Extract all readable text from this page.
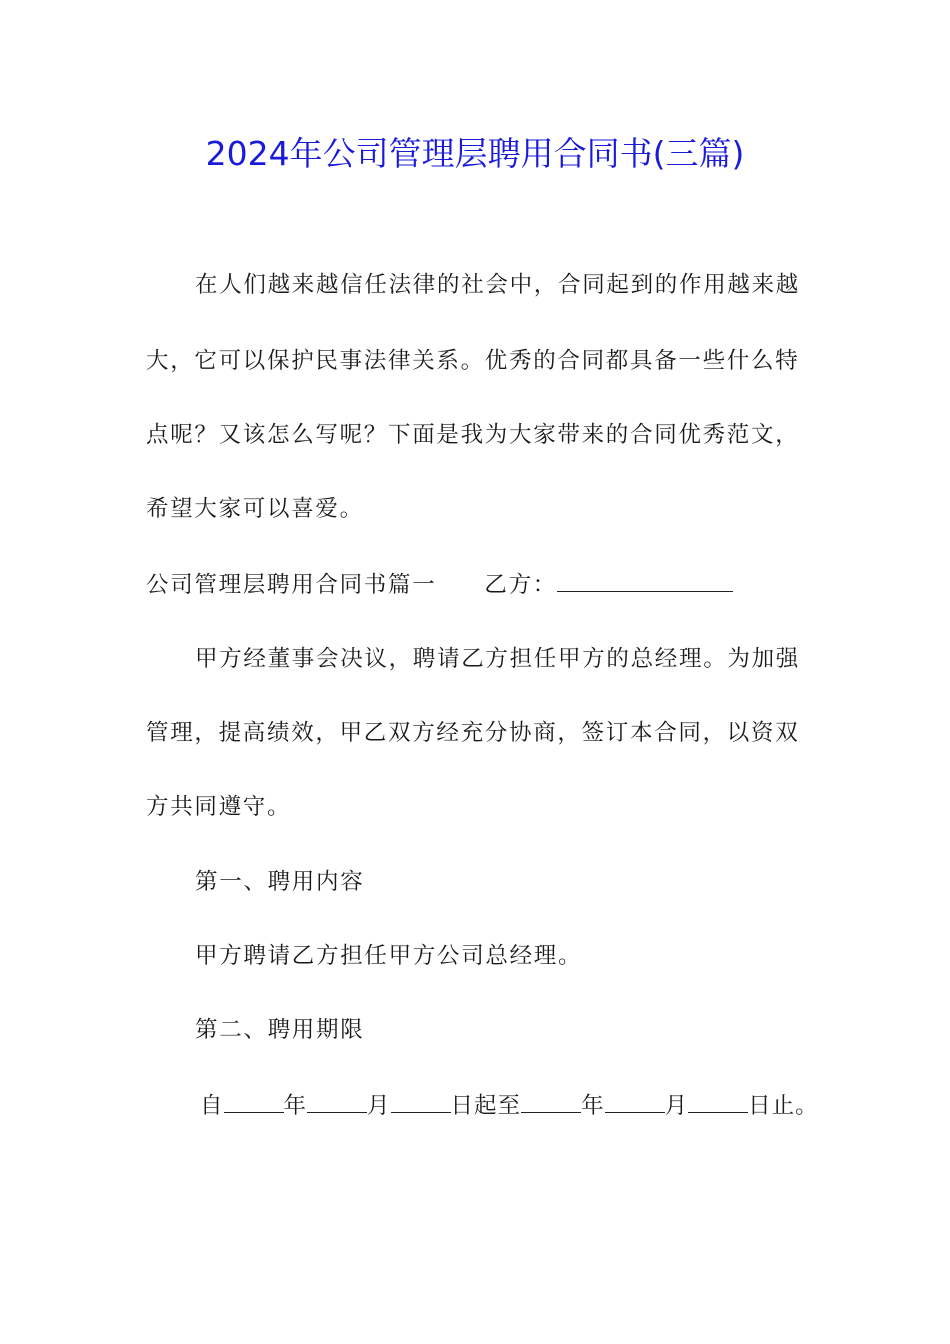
2024年公司管理层聘用合同书(三篇)
在人们越来越信任法律的社会中，合同起到的作用越来越
大，它可以保护民事法律关系。优秀的合同都具备一些什么特
点呢？又该怎么写呢？下面是我为大家带来的合同优秀范文，
希望大家可以喜爱。
公司管理层聘用合同书篇一 乙方：
甲方经董事会决议，聘请乙方担任甲方的总经理。为加强
管理，提高绩效，甲乙双方经充分协商，签订本合同，以资双
方共同遵守。
第一、聘用内容
甲方聘请乙方担任甲方公司总经理。
第二、聘用期限
自	年	月	日起至	年	月	日止。
